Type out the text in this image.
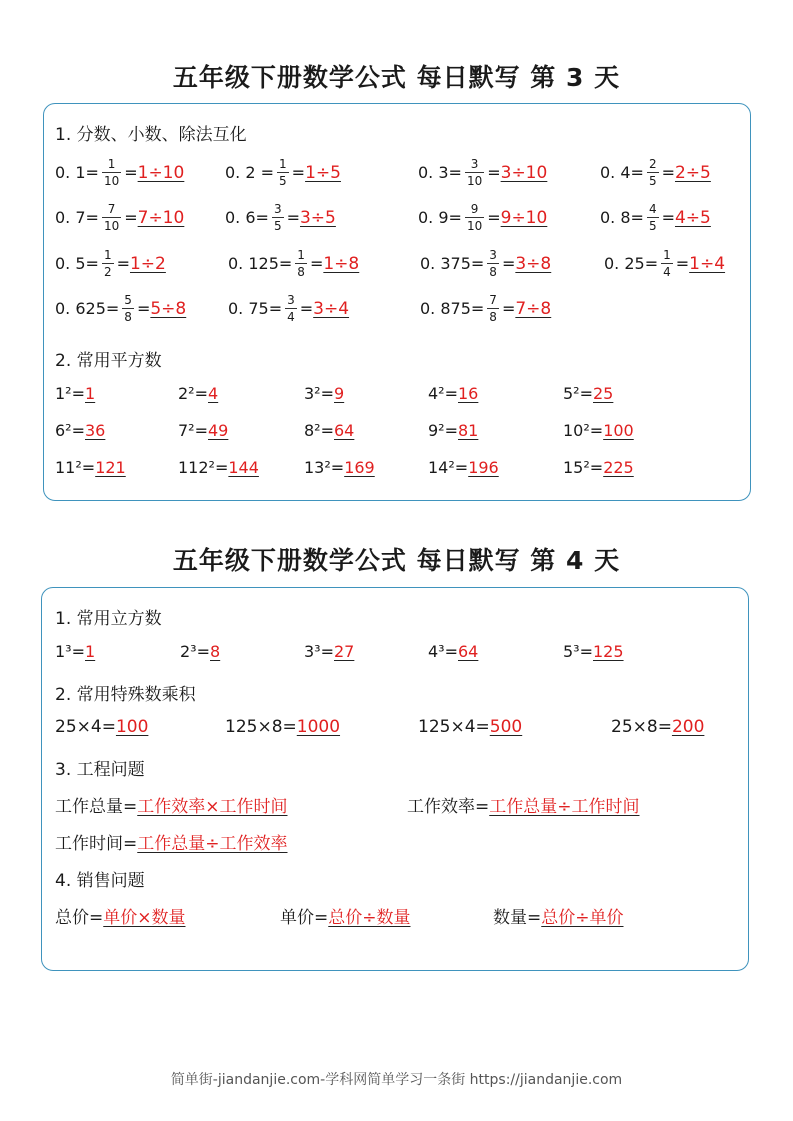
五年级下册数学公式 每日默写 第 3 天
1. 分数、小数、除法互化
0. $1= \frac{1}{10} = 1\div 10$	0. $2 = \frac{1}{5} = 1\div 5$	0. $3= \frac{3}{10} = 3\div 10$	0. $4= \frac{2}{5} = 2\div 5$
0. $7= \frac{7}{10} = 7\div 10$	0. $6= \frac{3}{5} = 3\div 5$	0. $9= \frac{9}{10} = 9\div 10$	0. $8= \frac{4}{5} = 4\div 5$
0. $5= \frac{1}{2} = 1\div 2$	0. $125= \frac{1}{8} = 1\div 8$	0. $375= \frac{3}{8} = 3\div 8$	0. $25= \frac{1}{4} = 1\div 4$
0. $625= \frac{5}{8} = 5\div 8$	0. $75= \frac{3}{4} = 3\div 4$	0. $875= \frac{7}{8} = 7\div 8$
2. 常用平方数
1²= 1	2²= 4	3²= 9	4²= 16	5²= 25
6²= 36	7²= 49	8²= 64	9²= 81	10²= 100
11²= 121	112²= 144	13²= 169	14²= 196	15²= 225
五年级下册数学公式 每日默写 第 4 天
1. 常用立方数
1³= 1	2³= 8	3³= 27	4³= 64	5³= 125
2. 常用特殊数乘积
25×4= 100	125×8= 1000	125×4= 500	25×8= 200
3. 工程问题
工作总量= 工作效率×工作时间	工作效率= 工作总量÷工作时间
工作时间= 工作总量÷工作效率
4. 销售问题
总价= 单价×数量	单价= 总价÷数量	数量= 总价÷单价
简单街-jiandanjie.com-学科网简单学习一条街 https://jiandanjie.com
